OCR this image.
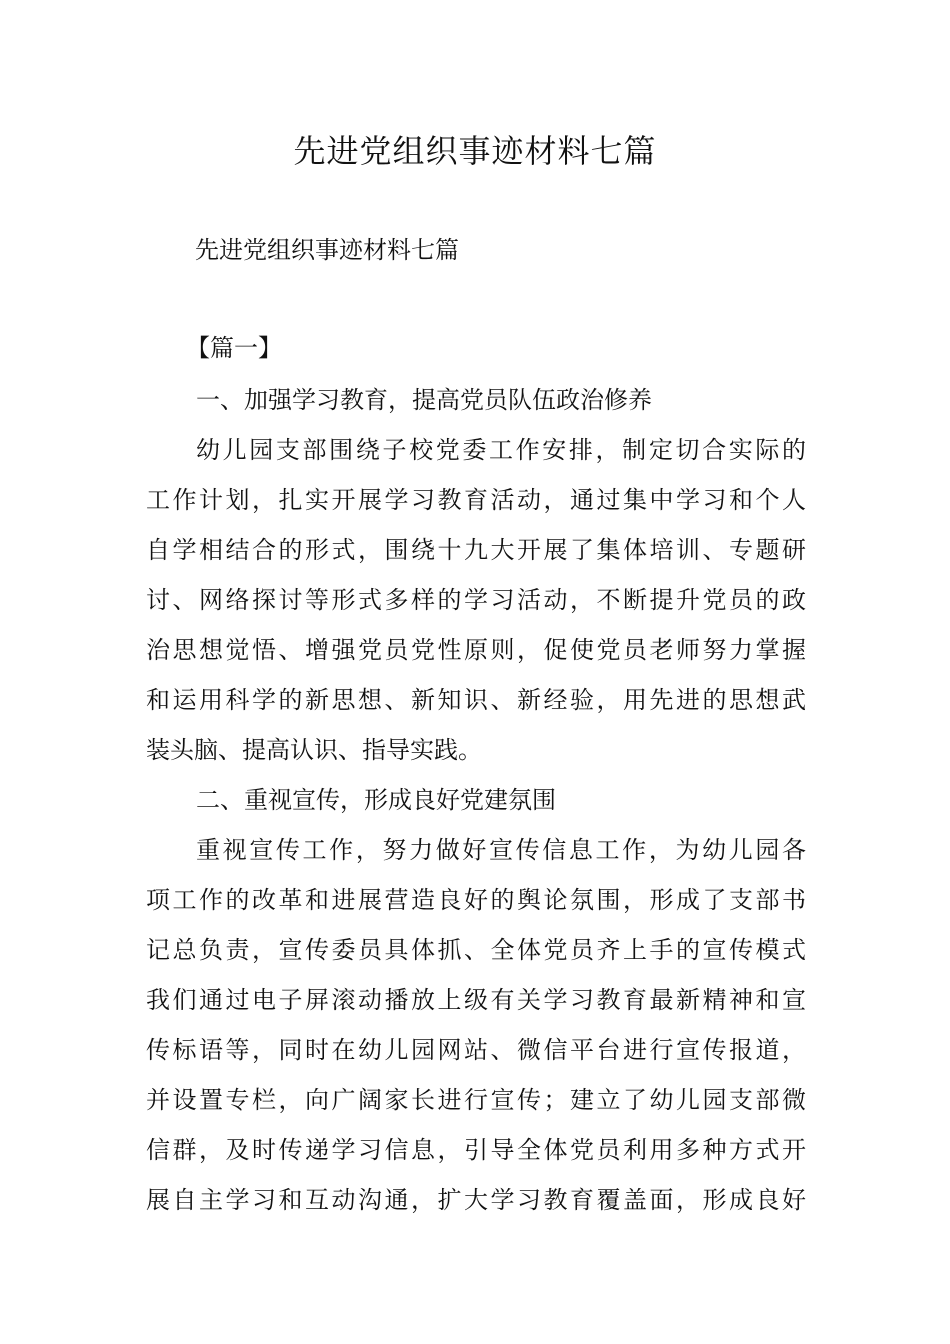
先进党组织事迹材料七篇

先进党组织事迹材料七篇

【篇一】

一、加强学习教育，提高党员队伍政治修养
幼儿园支部围绕子校党委工作安排，制定切合实际的
工作计划，扎实开展学习教育活动，通过集中学习和个人
自学相结合的形式，围绕十九大开展了集体培训、专题研
讨、网络探讨等形式多样的学习活动，不断提升党员的政
治思想觉悟、增强党员党性原则，促使党员老师努力掌握
和运用科学的新思想、新知识、新经验，用先进的思想武
装头脑、提高认识、指导实践。
二、重视宣传，形成良好党建氛围
重视宣传工作，努力做好宣传信息工作，为幼儿园各
项工作的改革和进展营造良好的舆论氛围，形成了支部书
记总负责，宣传委员具体抓、全体党员齐上手的宣传模式
我们通过电子屏滚动播放上级有关学习教育最新精神和宣
传标语等，同时在幼儿园网站、微信平台进行宣传报道，
并设置专栏，向广阔家长进行宣传；建立了幼儿园支部微
信群，及时传递学习信息，引导全体党员利用多种方式开
展自主学习和互动沟通，扩大学习教育覆盖面，形成良好
